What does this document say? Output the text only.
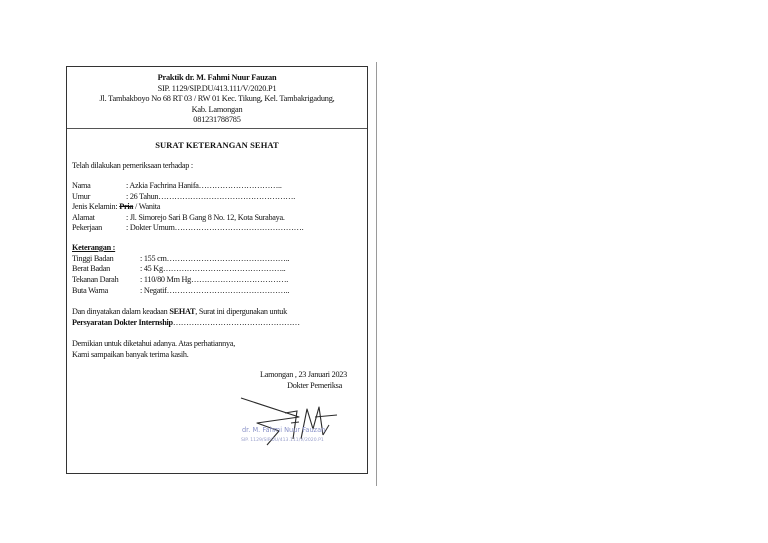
Praktik dr. M. Fahmi Nuur Fauzan
SIP. 1129/SIP.DU/413.111/V/2020.P1
Jl. Tambakboyo No 68 RT 03 / RW 01 Kec. Tikung, Kel. Tambakrigadung,
Kab. Lamongan
081231788785
SURAT KETERANGAN SEHAT
Telah dilakukan pemeriksaan terhadap :
Nama	: Azkia Fachrina Hanifa…………………………..
Umur	: 26 Tahun…………………………………………….
Jenis Kelamin: Pria / Wanita
Alamat	: Jl. Simorejo Sari B Gang 8 No. 12, Kota Surabaya.
Pekerjaan	: Dokter Umum………………………………………….
Keterangan :
Tinggi Badan	: 155 cm………………………………………..
Berat Badan	: 45 Kg………………………………………..
Tekanan Darah	: 110/80 Mm Hg……………………………….
Buta Warna	: Negatif………………………………………..
Dan dinyatakan dalam keadaan SEHAT, Surat ini dipergunakan untuk
Persyaratan Dokter Internship…………………………………………
Demikian untuk diketahui adanya. Atas perhatiannya,
Kami sampaikan banyak terima kasih.
Lamongan , 23 Januari 2023
Dokter Pemeriksa
dr. M. Fahmi Nuur Fauzan
SIP. 1129/SIP.DU/413.111/V/2020.P1
